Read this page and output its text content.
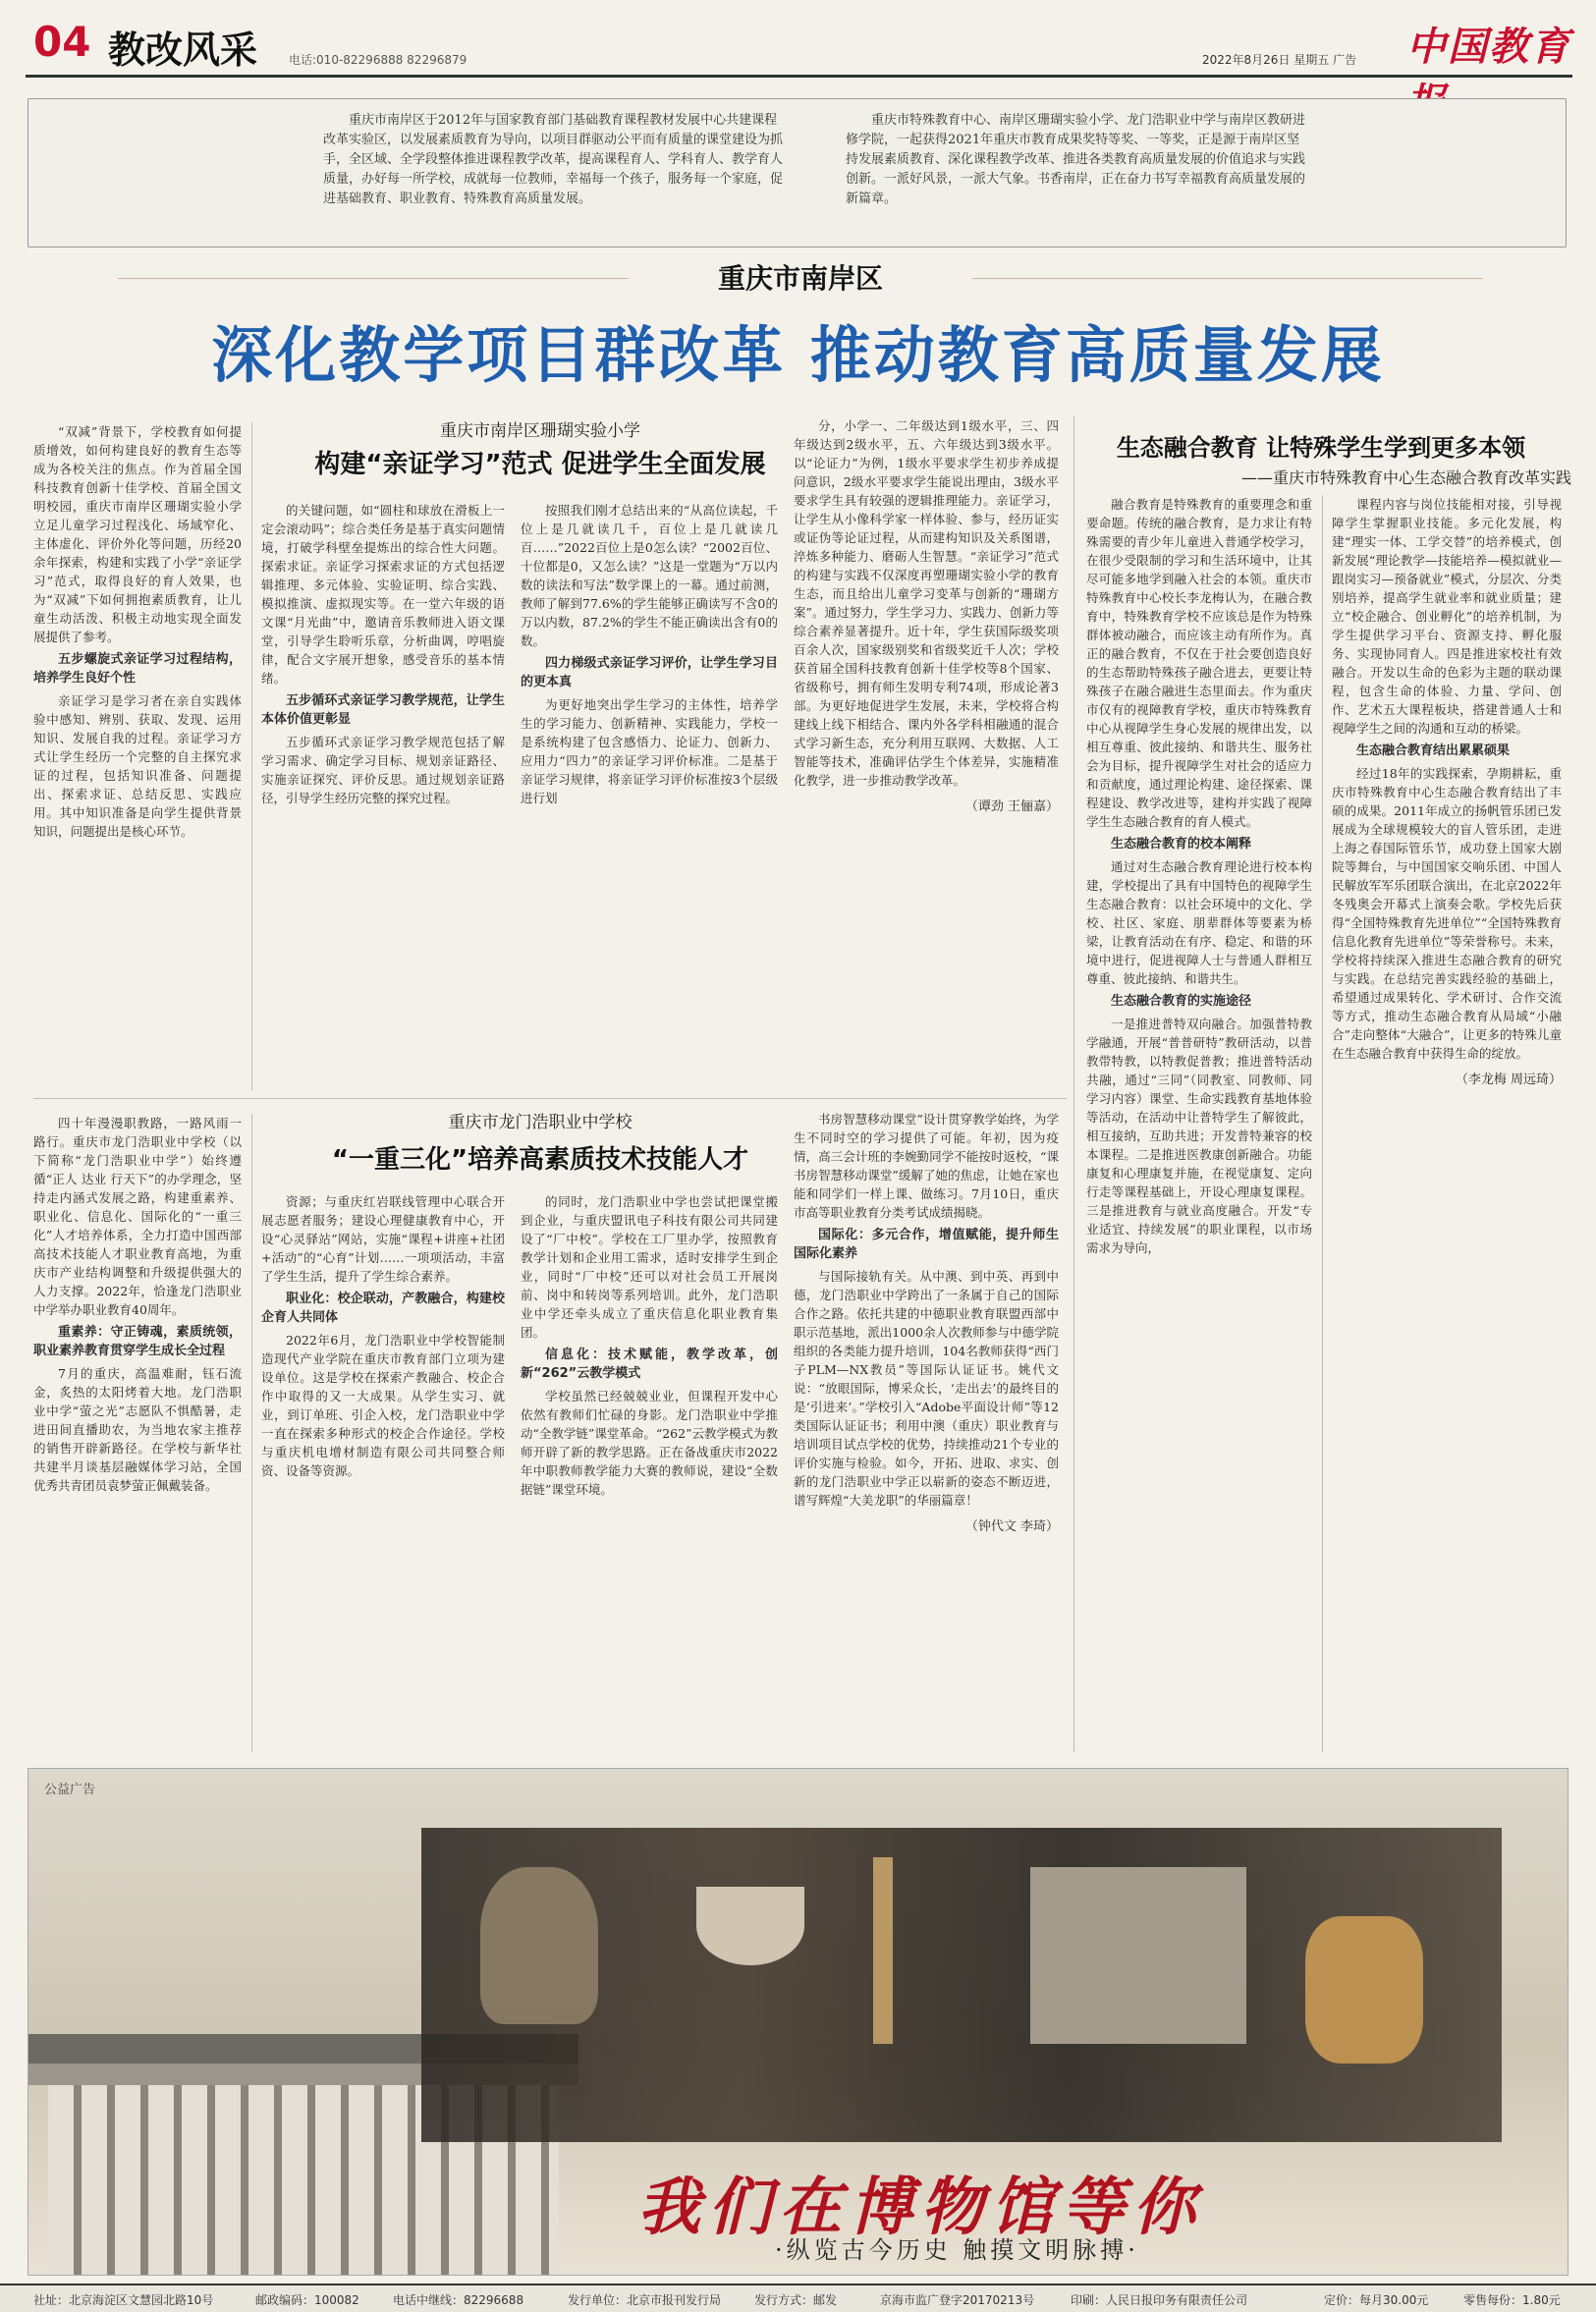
04 教改风采	电话:010-82296888 82296879	2022年8月26日 星期五 广告 中国教育
重庆市南岸区于2012年与国家教育部门基础教育课程教材发展中心共建课程改革实验区，以发展素质教育为导向，以项目群驱动公平而有质量的课堂建设为抓手，全区域、全学段整体推进课程教学改革，提高课程育人、学科育人、教学育人质量，办好每一所学校，成就每一位教师，幸福每一个孩子，服务每一个家庭，促进基础教育、职业教育、特殊教育高质量发展。
重庆市特殊教育中心、南岸区珊瑚实验小学、龙门浩职业中学与南岸区教研进修学院，一起获得2021年重庆市教育成果奖特等奖、一等奖，正是源于南岸区坚持发展素质教育、深化课程教学改革、推进各类教育高质量发展的价值追求与实践创新。一派好风景，一派大气象。书香南岸，正在奋力书写幸福教育高质量发展的新篇章。
重庆市南岸区
深化教学项目群改革 推动教育高质量发展
重庆市南岸区珊瑚实验小学
构建“亲证学习”范式 促进学生全面发展

“双减”背景下，学校教育如何提质增效，如何构建良好的教育生态等成为各校关注的焦点。作为首届全国科技教育创新十佳学校、首届全国文明校园，重庆市南岸区珊瑚实验小学立足儿童学习过程浅化、场域窄化、主体虚化、评价外化等问题，历经20余年探索，构建和实践了小学“亲证学习”范式，取得良好的育人效果，也为“双减”下如何拥抱素质教育，让儿童生动活泼、积极主动地实现全面发展提供了参考。

五步螺旋式亲证学习过程结构，培养学生良好个性

亲证学习是学习者在亲自实践体验中感知、辨别、获取、发现、运用知识、发展自我的过程。亲证学习方式让学生经历一个完整的自主探究求证的过程，包括知识准备、问题提出、探索求证、总结反思、实践应用。其中知识准备是向学生提供背景知识，问题提出是核心环节。

的关键问题，如“圆柱和球放在滑板上一定会滚动吗”；综合类任务是基于真实问题情境，打破学科壁垒提炼出的综合性大问题。探索求证。亲证学习探索求证的方式包括逻辑推理、多元体验、实验证明、综合实践、模拟推演、虚拟现实等。在一堂六年级的语文课“月光曲”中，邀请音乐教师进入语文课堂，引导学生聆听乐章，分析曲调，哼唱旋律，配合文字展开想象，感受音乐的基本情绪。

五步循环式亲证学习教学规范，让学生本体价值更彰显

五步循环式亲证学习教学规范包括了解学习需求、确定学习目标、规划亲证路径、实施亲证探究、评价反思。通过规划亲证路径，引导学生经历完整的探究过程。

按照我们刚才总结出来的“从高位读起，千位上是几就读几千，百位上是几就读几百……”2022百位上是0怎么读？“2002百位、十位都是0，又怎么读？”这是一堂题为“万以内数的读法和写法”数学课上的一幕。通过前测，教师了解到77.6%的学生能够正确读写不含0的万以内数，87.2%的学生不能正确读出含有0的数。

四力梯级式亲证学习评价，让学生学习目的更本真

为更好地突出学生学习的主体性，培养学生的学习能力、创新精神、实践能力，学校一是系统构建了包含感悟力、论证力、创新力、应用力“四力”的亲证学习评价标准。二是基于亲证学习规律，将亲证学习评价标准按3个层级进行划

分，小学一、二年级达到1级水平，三、四年级达到2级水平，五、六年级达到3级水平。以“论证力”为例，1级水平要求学生初步养成提问意识，2级水平要求学生能说出理由，3级水平要求学生具有较强的逻辑推理能力。亲证学习，让学生从小像科学家一样体验、参与，经历证实或证伪等论证过程，从而建构知识及关系图谱，淬炼多种能力、磨砺人生智慧。“亲证学习”范式的构建与实践不仅深度再塑珊瑚实验小学的教育生态，而且给出儿童学习变革与创新的“珊瑚方案”。通过努力，学生学习力、实践力、创新力等综合素养显著提升。近十年，学生获国际级奖项百余人次，国家级别奖和省级奖近千人次；学校获首届全国科技教育创新十佳学校等8个国家、省级称号，拥有师生发明专利74项，形成论著3部。为更好地促进学生发展，未来，学校将合构建线上线下相结合、课内外各学科相融通的混合式学习新生态，充分利用互联网、大数据、人工智能等技术，准确评估学生个体差异，实施精准化教学，进一步推动教学改革。

（谭劲 王俪嘉）
重庆市龙门浩职业中学校
“一重三化”培养高素质技术技能人才

四十年漫漫职教路，一路风雨一路行。重庆市龙门浩职业中学校（以下简称“龙门浩职业中学”）始终遵循“正人 达业 行天下”的办学理念，坚持走内涵式发展之路，构建重素养、职业化、信息化、国际化的“一重三化”人才培养体系，全力打造中国西部高技术技能人才职业教育高地，为重庆市产业结构调整和升级提供强大的人力支撑。2022年，恰逢龙门浩职业中学举办职业教育40周年。

重素养：守正铸魂，素质统领，职业素养教育贯穿学生成长全过程

7月的重庆，高温难耐，钰石流金，炙热的太阳烤着大地。龙门浩职业中学“萤之光”志愿队不惧酷暑，走进田间直播助农，为当地农家主推荐的销售开辟新路径。在学校与新华社共建半月谈基层融媒体学习站，全国优秀共青团员袁梦萤正佩戴装备。

资源；与重庆红岩联线管理中心联合开展志愿者服务；建设心理健康教育中心，开设“心灵驿站”网站，实施“课程+讲座+社团+活动”的“心育”计划……一项项活动，丰富了学生生活，提升了学生综合素养。

职业化：校企联动，产教融合，构建校企育人共同体

2022年6月，龙门浩职业中学校智能制造现代产业学院在重庆市教育部门立项为建设单位。这是学校在探索产教融合、校企合作中取得的又一大成果。从学生实习、就业，到订单班、引企入校，龙门浩职业中学一直在探索多种形式的校企合作途径。学校与重庆机电增材制造有限公司共同整合师资、设备等资源。

的同时，龙门浩职业中学也尝试把课堂搬到企业，与重庆盟讯电子科技有限公司共同建设了“厂中校”。学校在工厂里办学，按照教育教学计划和企业用工需求，适时安排学生到企业，同时“厂中校”还可以对社会员工开展岗前、岗中和转岗等系列培训。此外，龙门浩职业中学还牵头成立了重庆信息化职业教育集团。

信息化：技术赋能，教学改革，创新“262”云教学模式

学校虽然已经兢兢业业，但课程开发中心依然有教师们忙碌的身影。龙门浩职业中学推动“全教学链”课堂革命。“262”云教学模式为教师开辟了新的教学思路。正在备战重庆市2022年中职教师教学能力大赛的教师说，建设“全数据链”课堂环境。

书房智慧移动课堂”设计贯穿教学始终，为学生不同时空的学习提供了可能。年初，因为疫情，高三会计班的李婉勤同学不能按时返校，“课书房智慧移动课堂”缓解了她的焦虑，让她在家也能和同学们一样上课、做练习。7月10日，重庆市高等职业教育分类考试成绩揭晓。

国际化：多元合作，增值赋能，提升师生国际化素养

与国际接轨有关。从中澳、到中英、再到中德，龙门浩职业中学跨出了一条属于自己的国际合作之路。依托共建的中德职业教育联盟西部中职示范基地，派出1000余人次教师参与中德学院组织的各类能力提升培训，104名教师获得“西门子PLM—NX教员”等国际认证证书。姚代文说：“放眼国际，博采众长，‘走出去’的最终目的是‘引进来’。”学校引入“Adobe平面设计师”等12类国际认证证书；利用中澳（重庆）职业教育与培训项目试点学校的优势，持续推动21个专业的评价实施与检验。如今，开拓、进取、求实、创新的龙门浩职业中学正以崭新的姿态不断迈进，谱写辉煌“大美龙职”的华丽篇章！

（钟代文 李琦）
生态融合教育 让特殊学生学到更多本领
——重庆市特殊教育中心生态融合教育改革实践

融合教育是特殊教育的重要理念和重要命题。传统的融合教育，是力求让有特殊需要的青少年儿童进入普通学校学习，在很少受限制的学习和生活环境中，让其尽可能多地学到融入社会的本领。重庆市特殊教育中心校长李龙梅认为，在融合教育中，特殊教育学校不应该总是作为特殊群体被动融合，而应该主动有所作为。真正的融合教育，不仅在于社会要创造良好的生态帮助特殊孩子融合进去，更要让特殊孩子在融合融进生态里面去。作为重庆市仅有的视障教育学校，重庆市特殊教育中心从视障学生身心发展的规律出发，以相互尊重、彼此接纳、和谐共生、服务社会为目标，提升视障学生对社会的适应力和贡献度，通过理论构建、途径探索、课程建设、教学改进等，建构并实践了视障学生生态融合教育的育人模式。

生态融合教育的校本阐释

通过对生态融合教育理论进行校本构建，学校提出了具有中国特色的视障学生生态融合教育：以社会环境中的文化、学校、社区、家庭、朋辈群体等要素为桥梁，让教育活动在有序、稳定、和谐的环境中进行，促进视障人士与普通人群相互尊重、彼此接纳、和谐共生。

生态融合教育的实施途径

一是推进普特双向融合。加强普特教学融通，开展“普普研特”教研活动，以普教带特教，以特教促普教；推进普特活动共融，通过“三同”（同教室、同教师、同学习内容）课堂、生命实践教育基地体验等活动，在活动中让普特学生了解彼此，相互接纳，互助共进；开发普特兼容的校本课程。二是推进医教康创新融合。功能康复和心理康复并施，在视觉康复、定向行走等课程基础上，开设心理康复课程。三是推进教育与就业高度融合。开发“专业适宜、持续发展”的职业课程，以市场需求为导向，

课程内容与岗位技能相对接，引导视障学生掌握职业技能。多元化发展，构建“理实一体、工学交替”的培养模式，创新发展“理论教学—技能培养—模拟就业—跟岗实习—预备就业”模式，分层次、分类别培养，提高学生就业率和就业质量；建立“校企融合、创业孵化”的培养机制，为学生提供学习平台、资源支持、孵化服务、实现协同育人。四是推进家校社有效融合。开发以生命的色彩为主题的联动课程，包含生命的体验、力量、学问、创作、艺术五大课程板块，搭建普通人士和视障学生之间的沟通和互动的桥梁。

生态融合教育结出累累硕果

经过18年的实践探索，孕期耕耘，重庆市特殊教育中心生态融合教育结出了丰硕的成果。2011年成立的扬帆管乐团已发展成为全球规模较大的盲人管乐团，走进上海之春国际管乐节，成功登上国家大剧院等舞台，与中国国家交响乐团、中国人民解放军军乐团联合演出，在北京2022年冬残奥会开幕式上演奏会歌。学校先后获得“全国特殊教育先进单位”“全国特殊教育信息化教育先进单位”等荣誉称号。未来，学校将持续深入推进生态融合教育的研究与实践。在总结完善实践经验的基础上，希望通过成果转化、学术研讨、合作交流等方式，推动生态融合教育从局域“小融合”走向整体“大融合”，让更多的特殊儿童在生态融合教育中获得生命的绽放。

（李龙梅 周远琦）
公益广告
我们在博物馆等你
·纵览古今历史 触摸文明脉搏·
社址：北京海淀区文慧园北路10号	邮政编码：100082	电话中继线：82296688	发行单位：北京市报刊发行局	发行方式：邮发	京海市监广登字20170213号	印刷：人民日报印务有限责任公司	定价：每月30.00元	零售每份：1.80元
